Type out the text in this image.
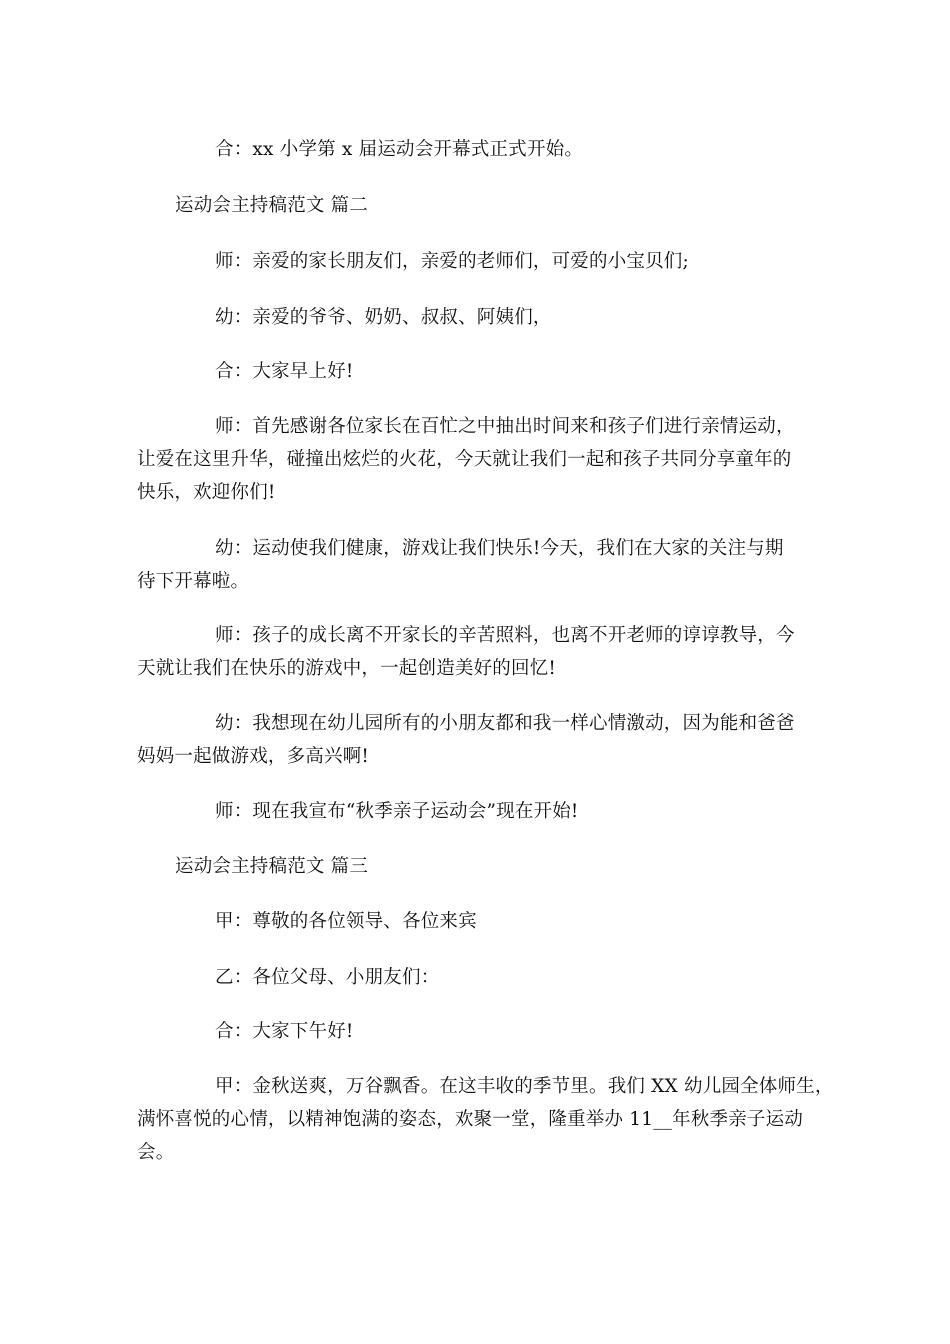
合：xx 小学第 x 届运动会开幕式正式开始。
运动会主持稿范文 篇二
师：亲爱的家长朋友们，亲爱的老师们，可爱的小宝贝们;
幼：亲爱的爷爷、奶奶、叔叔、阿姨们，
合：大家早上好!
师：首先感谢各位家长在百忙之中抽出时间来和孩子们进行亲情运动，
让爱在这里升华，碰撞出炫烂的火花，今天就让我们一起和孩子共同分享童年的
快乐，欢迎你们!
幼：运动使我们健康，游戏让我们快乐!今天，我们在大家的关注与期
待下开幕啦。
师：孩子的成长离不开家长的辛苦照料，也离不开老师的谆谆教导，今
天就让我们在快乐的游戏中，一起创造美好的回忆!
幼：我想现在幼儿园所有的小朋友都和我一样心情激动，因为能和爸爸
妈妈一起做游戏，多高兴啊!
师：现在我宣布“秋季亲子运动会”现在开始!
运动会主持稿范文 篇三
甲：尊敬的各位领导、各位来宾
乙：各位父母、小朋友们：
合：大家下午好!
甲：金秋送爽，万谷飘香。在这丰收的季节里。我们 XX 幼儿园全体师生，
满怀喜悦的心情，以精神饱满的姿态，欢聚一堂，隆重举办 11__年秋季亲子运动
会。
